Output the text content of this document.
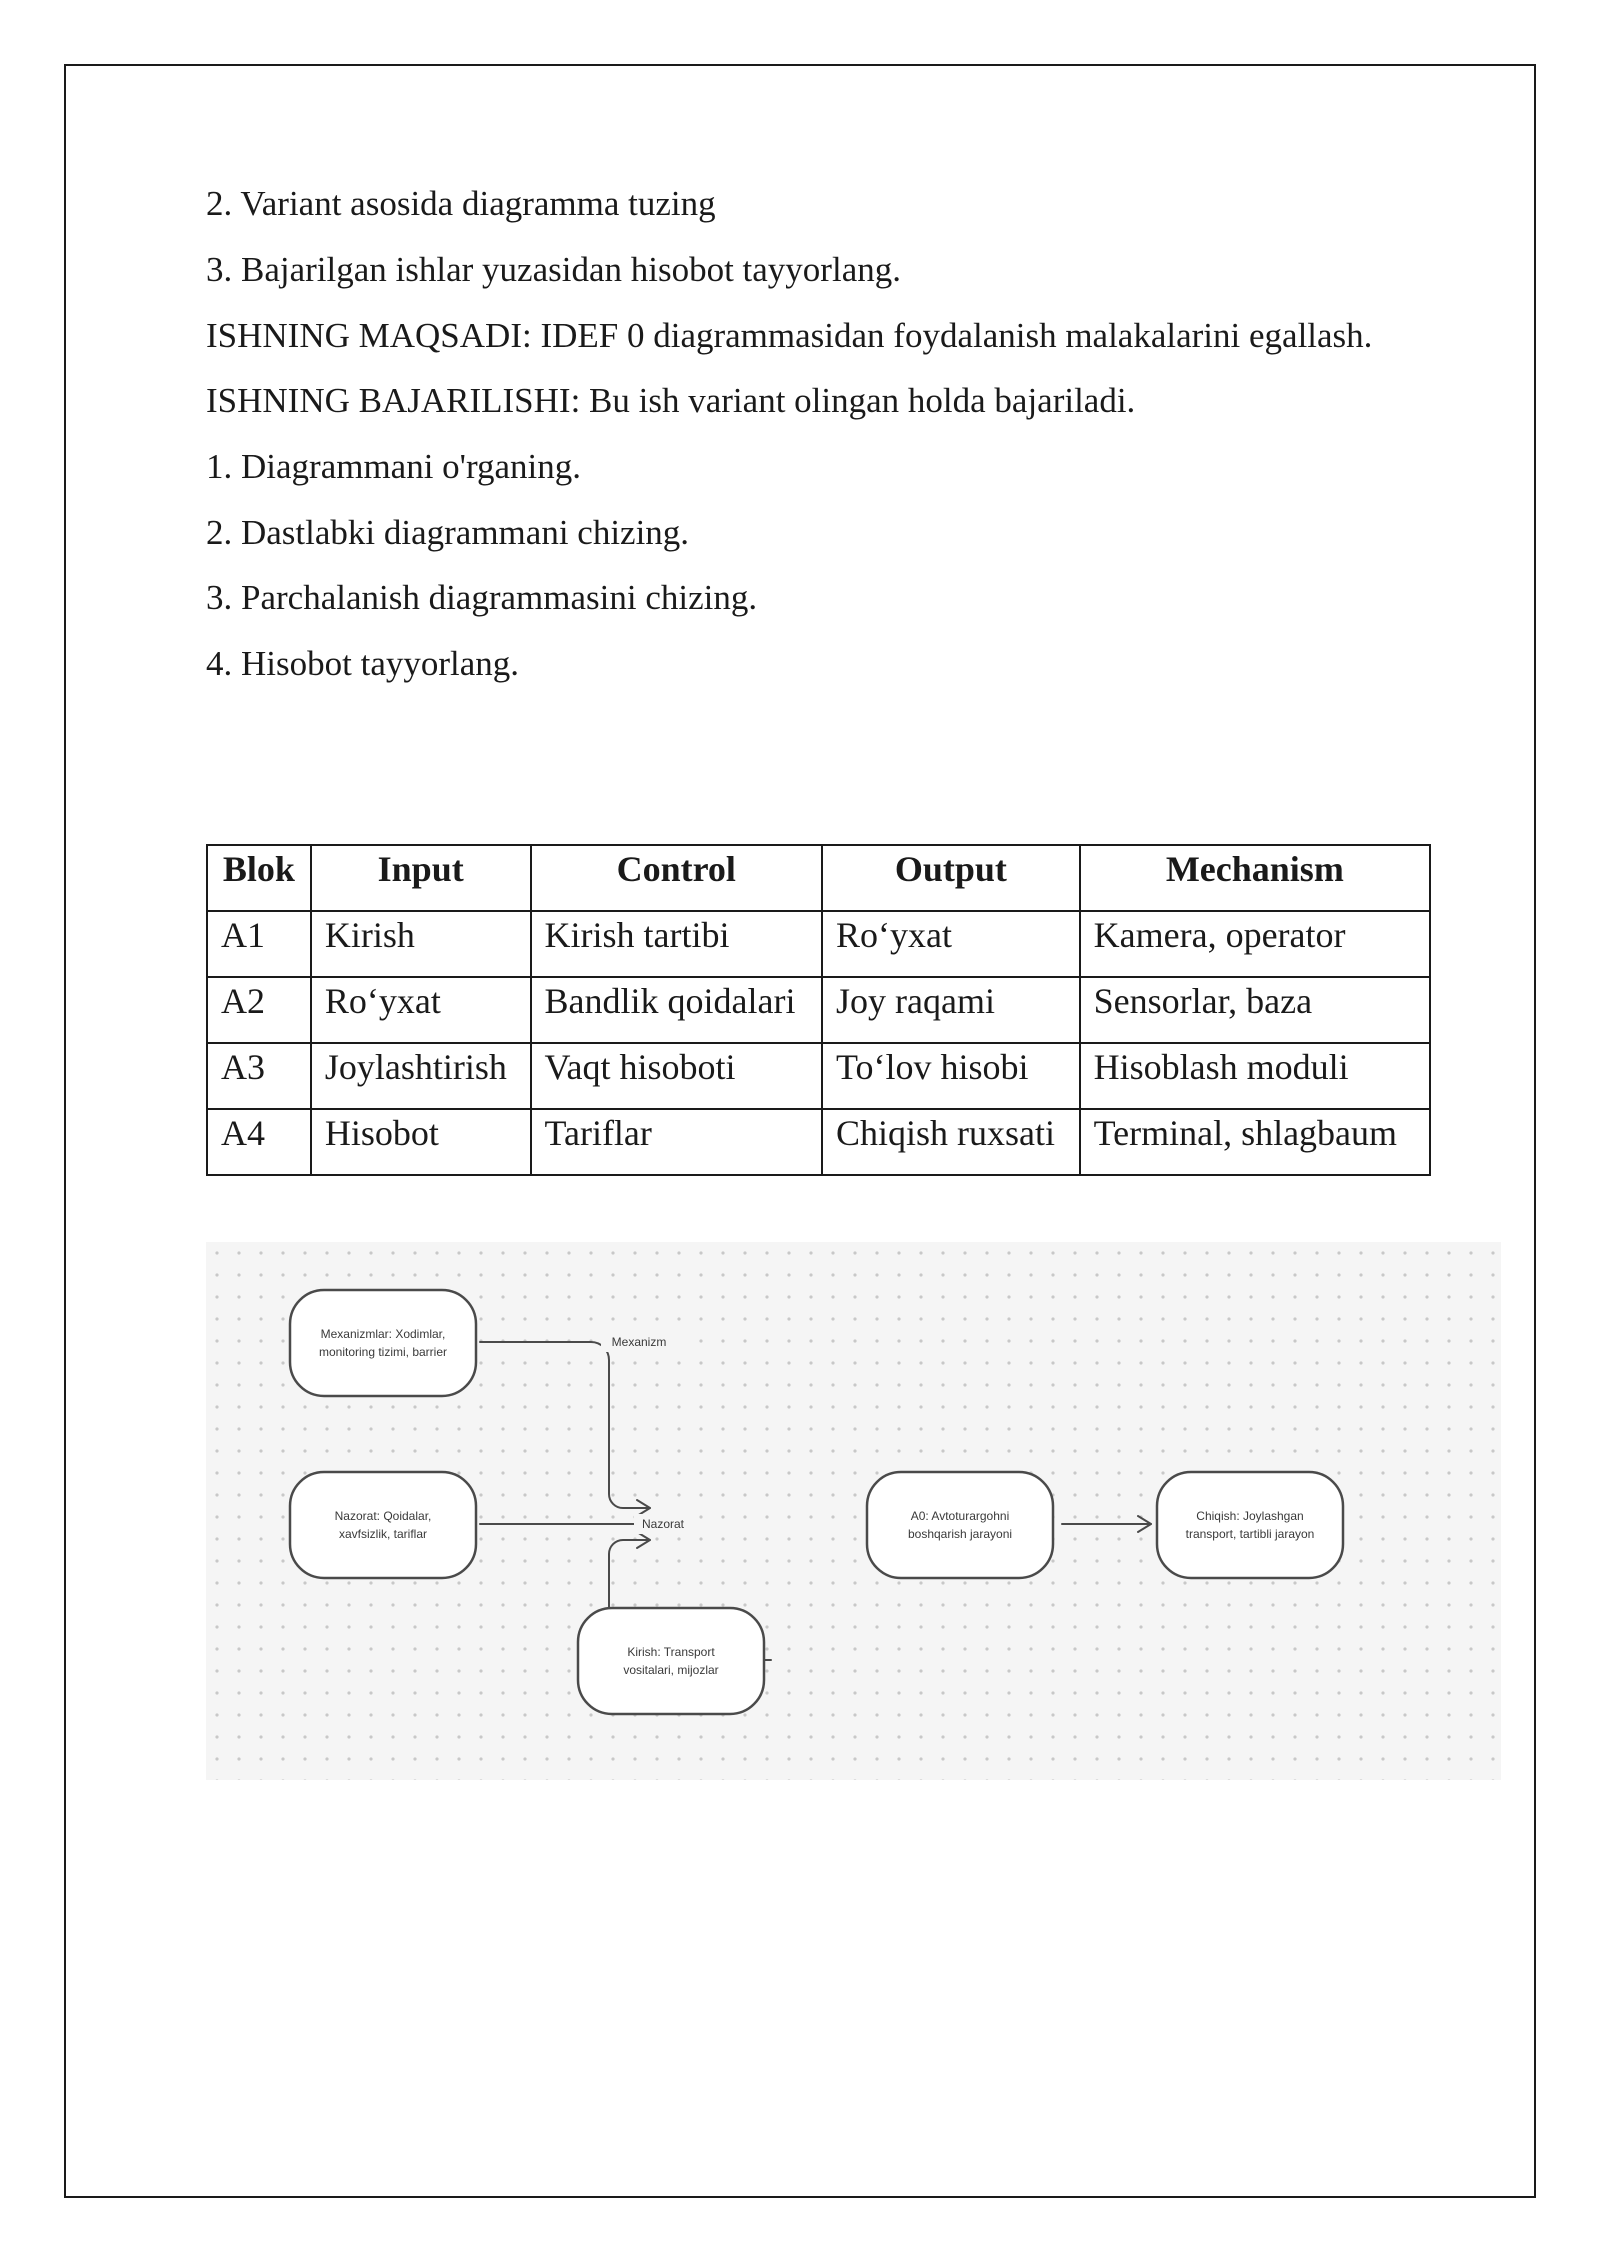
2. Variant asosida diagramma tuzing
3. Bajarilgan ishlar yuzasidan hisobot tayyorlang.
ISHNING MAQSADI: IDEF 0 diagrammasidan foydalanish malakalarini egallash.
ISHNING BAJARILISHI: Bu ish variant olingan holda bajariladi.
1. Diagrammani o'rganing.
2. Dastlabki diagrammani chizing.
3. Parchalanish diagrammasini chizing.
4. Hisobot tayyorlang.
Blok	Input	Control	Output	Mechanism
A1	Kirish	Kirish tartibi	Ro‘yxat	Kamera, operator
A2	Ro‘yxat	Bandlik qoidalari	Joy raqami	Sensorlar, baza
A3	Joylashtirish	Vaqt hisoboti	To‘lov hisobi	Hisoblash moduli
A4	Hisobot	Tariflar	Chiqish ruxsati	Terminal, shlagbaum
Mexanizm
Nazorat
Mexanizmlar: Xodimlar,
monitoring tizimi, barrier
Nazorat: Qoidalar,
xavfsizlik, tariflar
Kirish: Transport
vositalari, mijozlar
A0: Avtoturargohni
boshqarish jarayoni
Chiqish: Joylashgan
transport, tartibli jarayon
